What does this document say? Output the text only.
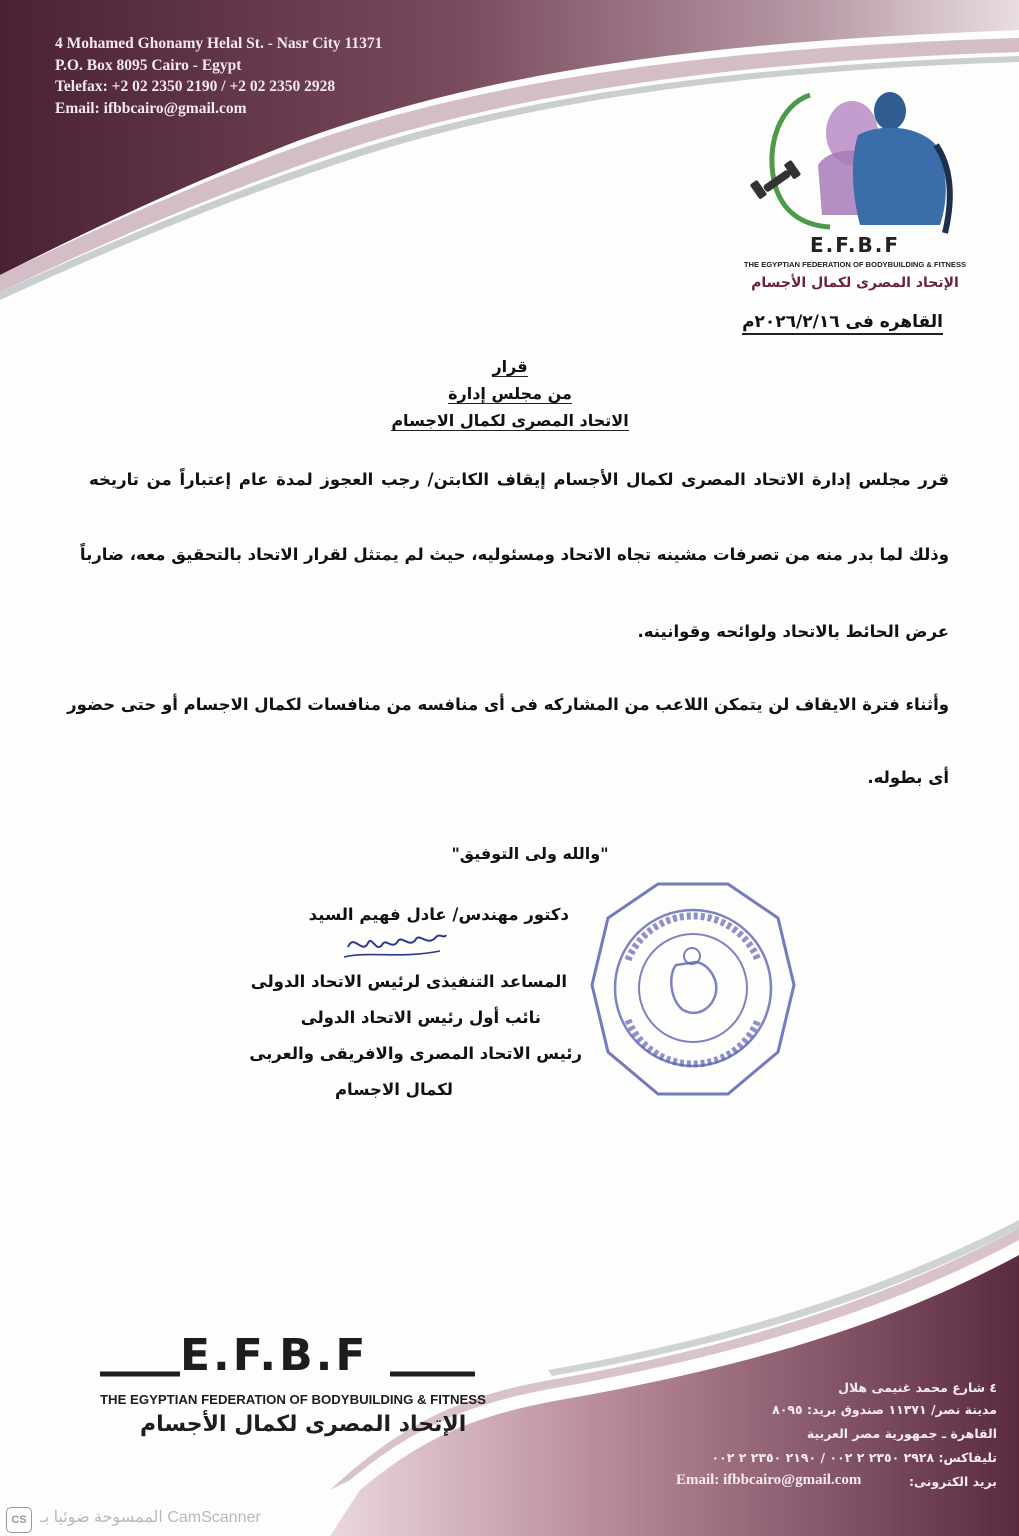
4 Mohamed Ghonamy Helal St. - Nasr City 11371
P.O. Box 8095 Cairo - Egypt
Telefax: +2 02 2350 2190 / +2 02 2350 2928
Email: ifbbcairo@gmail.com
E.F.B.F
THE EGYPTIAN FEDERATION OF BODYBUILDING & FITNESS
الإتحاد المصرى لكمال الأجسام
القاهره فى ٢٠٢٦/٢/١٦م
قرار
من مجلس إدارة
الاتحاد المصرى لكمال الاجسام
قرر مجلس إدارة الاتحاد المصرى لكمال الأجسام إيقاف الكابتن/ رجب العجوز لمدة عام إعتباراً من تاريخه
وذلك لما بدر منه من تصرفات مشينه تجاه الاتحاد ومسئوليه، حيث لم يمتثل لقرار الاتحاد بالتحقيق معه، ضارباً
عرض الحائط بالاتحاد ولوائحه وقوانينه.
وأثناء فترة الايقاف لن يتمكن اللاعب من المشاركه فى أى منافسه من منافسات لكمال الاجسام أو حتى حضور
أى بطوله.
"والله ولى التوفيق"
دكتور مهندس/ عادل فهيم السيد
المساعد التنفيذى لرئيس الاتحاد الدولى
نائب أول رئيس الاتحاد الدولى
رئيس الاتحاد المصرى والافريقى والعربى
لكمال الاجسام
E.F.B.F
THE EGYPTIAN FEDERATION OF BODYBUILDING & FITNESS
الإتحاد المصرى لكمال الأجسام
٤ شارع محمد غنيمى هلال
مدينة نصر/ ١١٣٧١ صندوق بريد: ٨٠٩٥
القاهرة ـ جمهورية مصر العربية
تليفاكس: ٢٩٢٨ ٢٣٥٠ ٢ ٠٠٢ / ٢١٩٠ ٢٣٥٠ ٢ ٠٠٢
بريد الكترونى:
Email: ifbbcairo@gmail.com
CS الممسوحة ضوئيا بـ CamScanner
